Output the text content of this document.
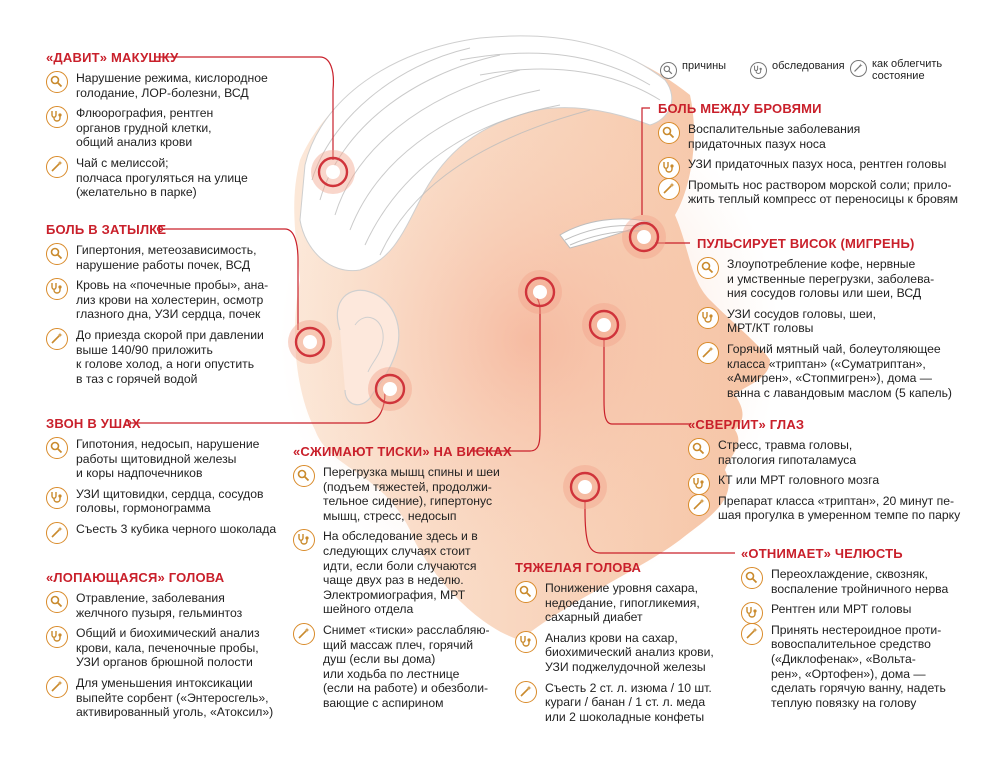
причины	обследования как облегчить
состояние
«ДАВИТ» МАКУШКУ
Нарушение режима, кислородное
голодание, ЛОР-болезни, ВСД
Флюорография, рентген
органов грудной клетки,
общий анализ крови
Чай с мелиссой;
полчаса прогуляться на улице
(желательно в парке)
БОЛЬ В ЗАТЫЛКЕ
Гипертония, метеозависимость,
нарушение работы почек, ВСД
Кровь на «почечные пробы», ана-
лиз крови на холестерин, осмотр
глазного дна, УЗИ сердца, почек
До приезда скорой при давлении
выше 140/90 приложить
к голове холод, а ноги опустить
в таз с горячей водой
ЗВОН В УШАХ
Гипотония, недосып, нарушение
работы щитовидной железы
и коры надпочечников
УЗИ щитовидки, сердца, сосудов
головы, гормонограмма
Съесть 3 кубика черного шоколада
«ЛОПАЮЩАЯСЯ» ГОЛОВА
Отравление, заболевания
желчного пузыря, гельминтоз
Общий и биохимический анализ
крови, кала, печеночные пробы,
УЗИ органов брюшной полости
Для уменьшения интоксикации
выпейте сорбент («Энтеросгель»,
активированный уголь, «Атоксил»)
«СЖИМАЮТ ТИСКИ» НА ВИСКАХ
Перегрузка мышц спины и шеи
(подъем тяжестей, продолжи-
тельное сидение), гипертонус
мышц, стресс, недосып
На обследование здесь и в
следующих случаях стоит
идти, если боли случаются
чаще двух раз в неделю.
Электромиография, МРТ
шейного отдела
Снимет «тиски» расслабляю-
щий массаж плеч, горячий
душ (если вы дома)
или ходьба по лестнице
(если на работе) и обезболи-
вающие с аспирином
ТЯЖЕЛАЯ ГОЛОВА
Понижение уровня сахара,
недоедание, гипогликемия,
сахарный диабет
Анализ крови на сахар,
биохимический анализ крови,
УЗИ поджелудочной железы
Съесть 2 ст. л. изюма / 10 шт.
кураги / банан / 1 ст. л. меда
или 2 шоколадные конфеты
БОЛЬ МЕЖДУ БРОВЯМИ
Воспалительные заболевания
придаточных пазух носа
УЗИ придаточных пазух носа, рентген головы
Промыть нос раствором морской соли; прило-
жить теплый компресс от переносицы к бровям
ПУЛЬСИРУЕТ ВИСОК (МИГРЕНЬ)
Злоупотребление кофе, нервные
и умственные перегрузки, заболева-
ния сосудов головы или шеи, ВСД
УЗИ сосудов головы, шеи,
МРТ/КТ головы
Горячий мятный чай, болеутоляющее
класса «триптан» («Суматриптан»,
«Амигрен», «Стопмигрен»), дома —
ванна с лавандовым маслом (5 капель)
«СВЕРЛИТ» ГЛАЗ
Стресс, травма головы,
патология гипоталамуса
КТ или МРТ головного мозга
Препарат класса «триптан», 20 минут пе-
шая прогулка в умеренном темпе по парку
«ОТНИМАЕТ» ЧЕЛЮСТЬ
Переохлаждение, сквозняк,
воспаление тройничного нерва
Рентген или МРТ головы
Принять нестероидное проти-
вовоспалительное средство
(«Диклофенак», «Вольта-
рен», «Ортофен»), дома —
сделать горячую ванну, надеть
теплую повязку на голову
